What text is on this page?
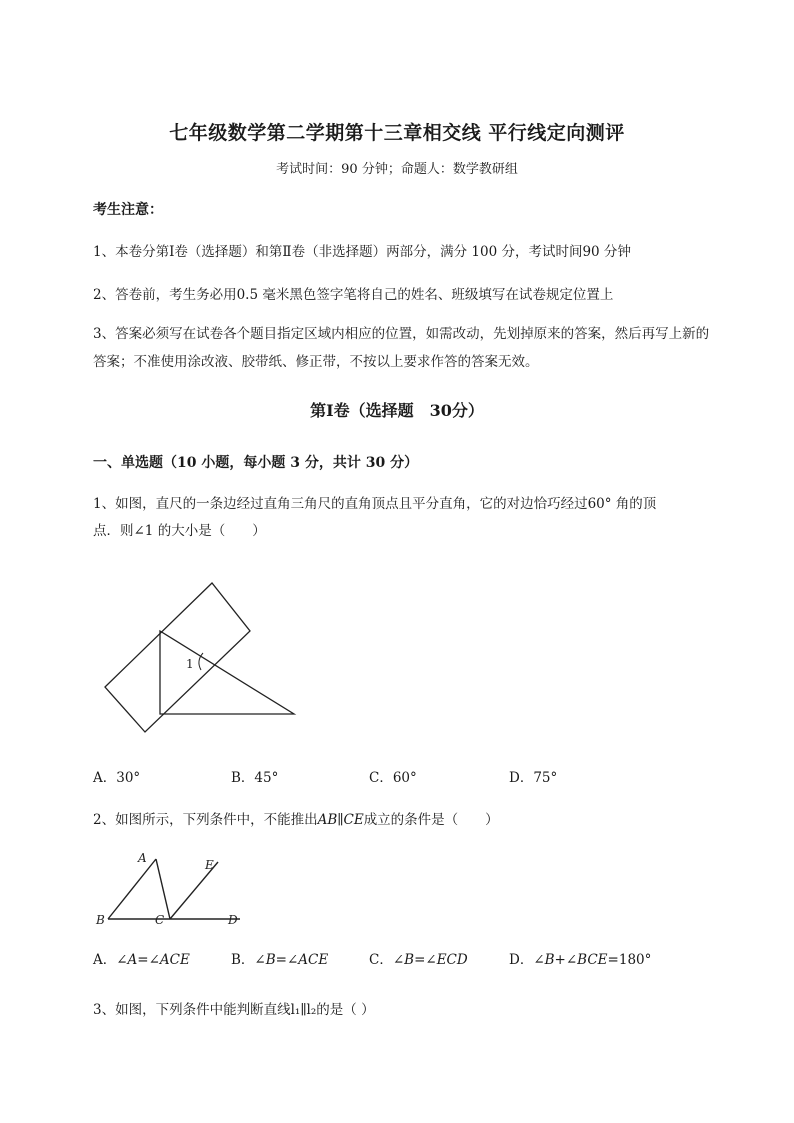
七年级数学第二学期第十三章相交线 平行线定向测评
考试时间：90 分钟；命题人：数学教研组
考生注意：
1、本卷分第Ⅰ卷（选择题）和第Ⅱ卷（非选择题）两部分，满分 100 分，考试时间90 分钟
2、答卷前，考生务必用0.5 毫米黑色签字笔将自己的姓名、班级填写在试卷规定位置上
3、答案必须写在试卷各个题目指定区域内相应的位置，如需改动，先划掉原来的答案，然后再写上新的答案；不准使用涂改液、胶带纸、修正带，不按以上要求作答的答案无效。
第Ⅰ卷（选择题　30分）
一、单选题（10 小题，每小题 3 分，共计 30 分）
1、如图，直尺的一条边经过直角三角尺的直角顶点且平分直角，它的对边恰巧经过60° 角的顶
点．则∠1 的大小是（　　）
1
A．30°	B．45°	C．60°	D．75°
2、如图所示，下列条件中，不能推出AB∥CE成立的条件是（　　）
A
B	C	D
E
A．∠A=∠ACE	B．∠B=∠ACE	C．∠B=∠ECD	D．∠B+∠BCE=180°
3、如图，下列条件中能判断直线l₁∥l₂的是（ ）
